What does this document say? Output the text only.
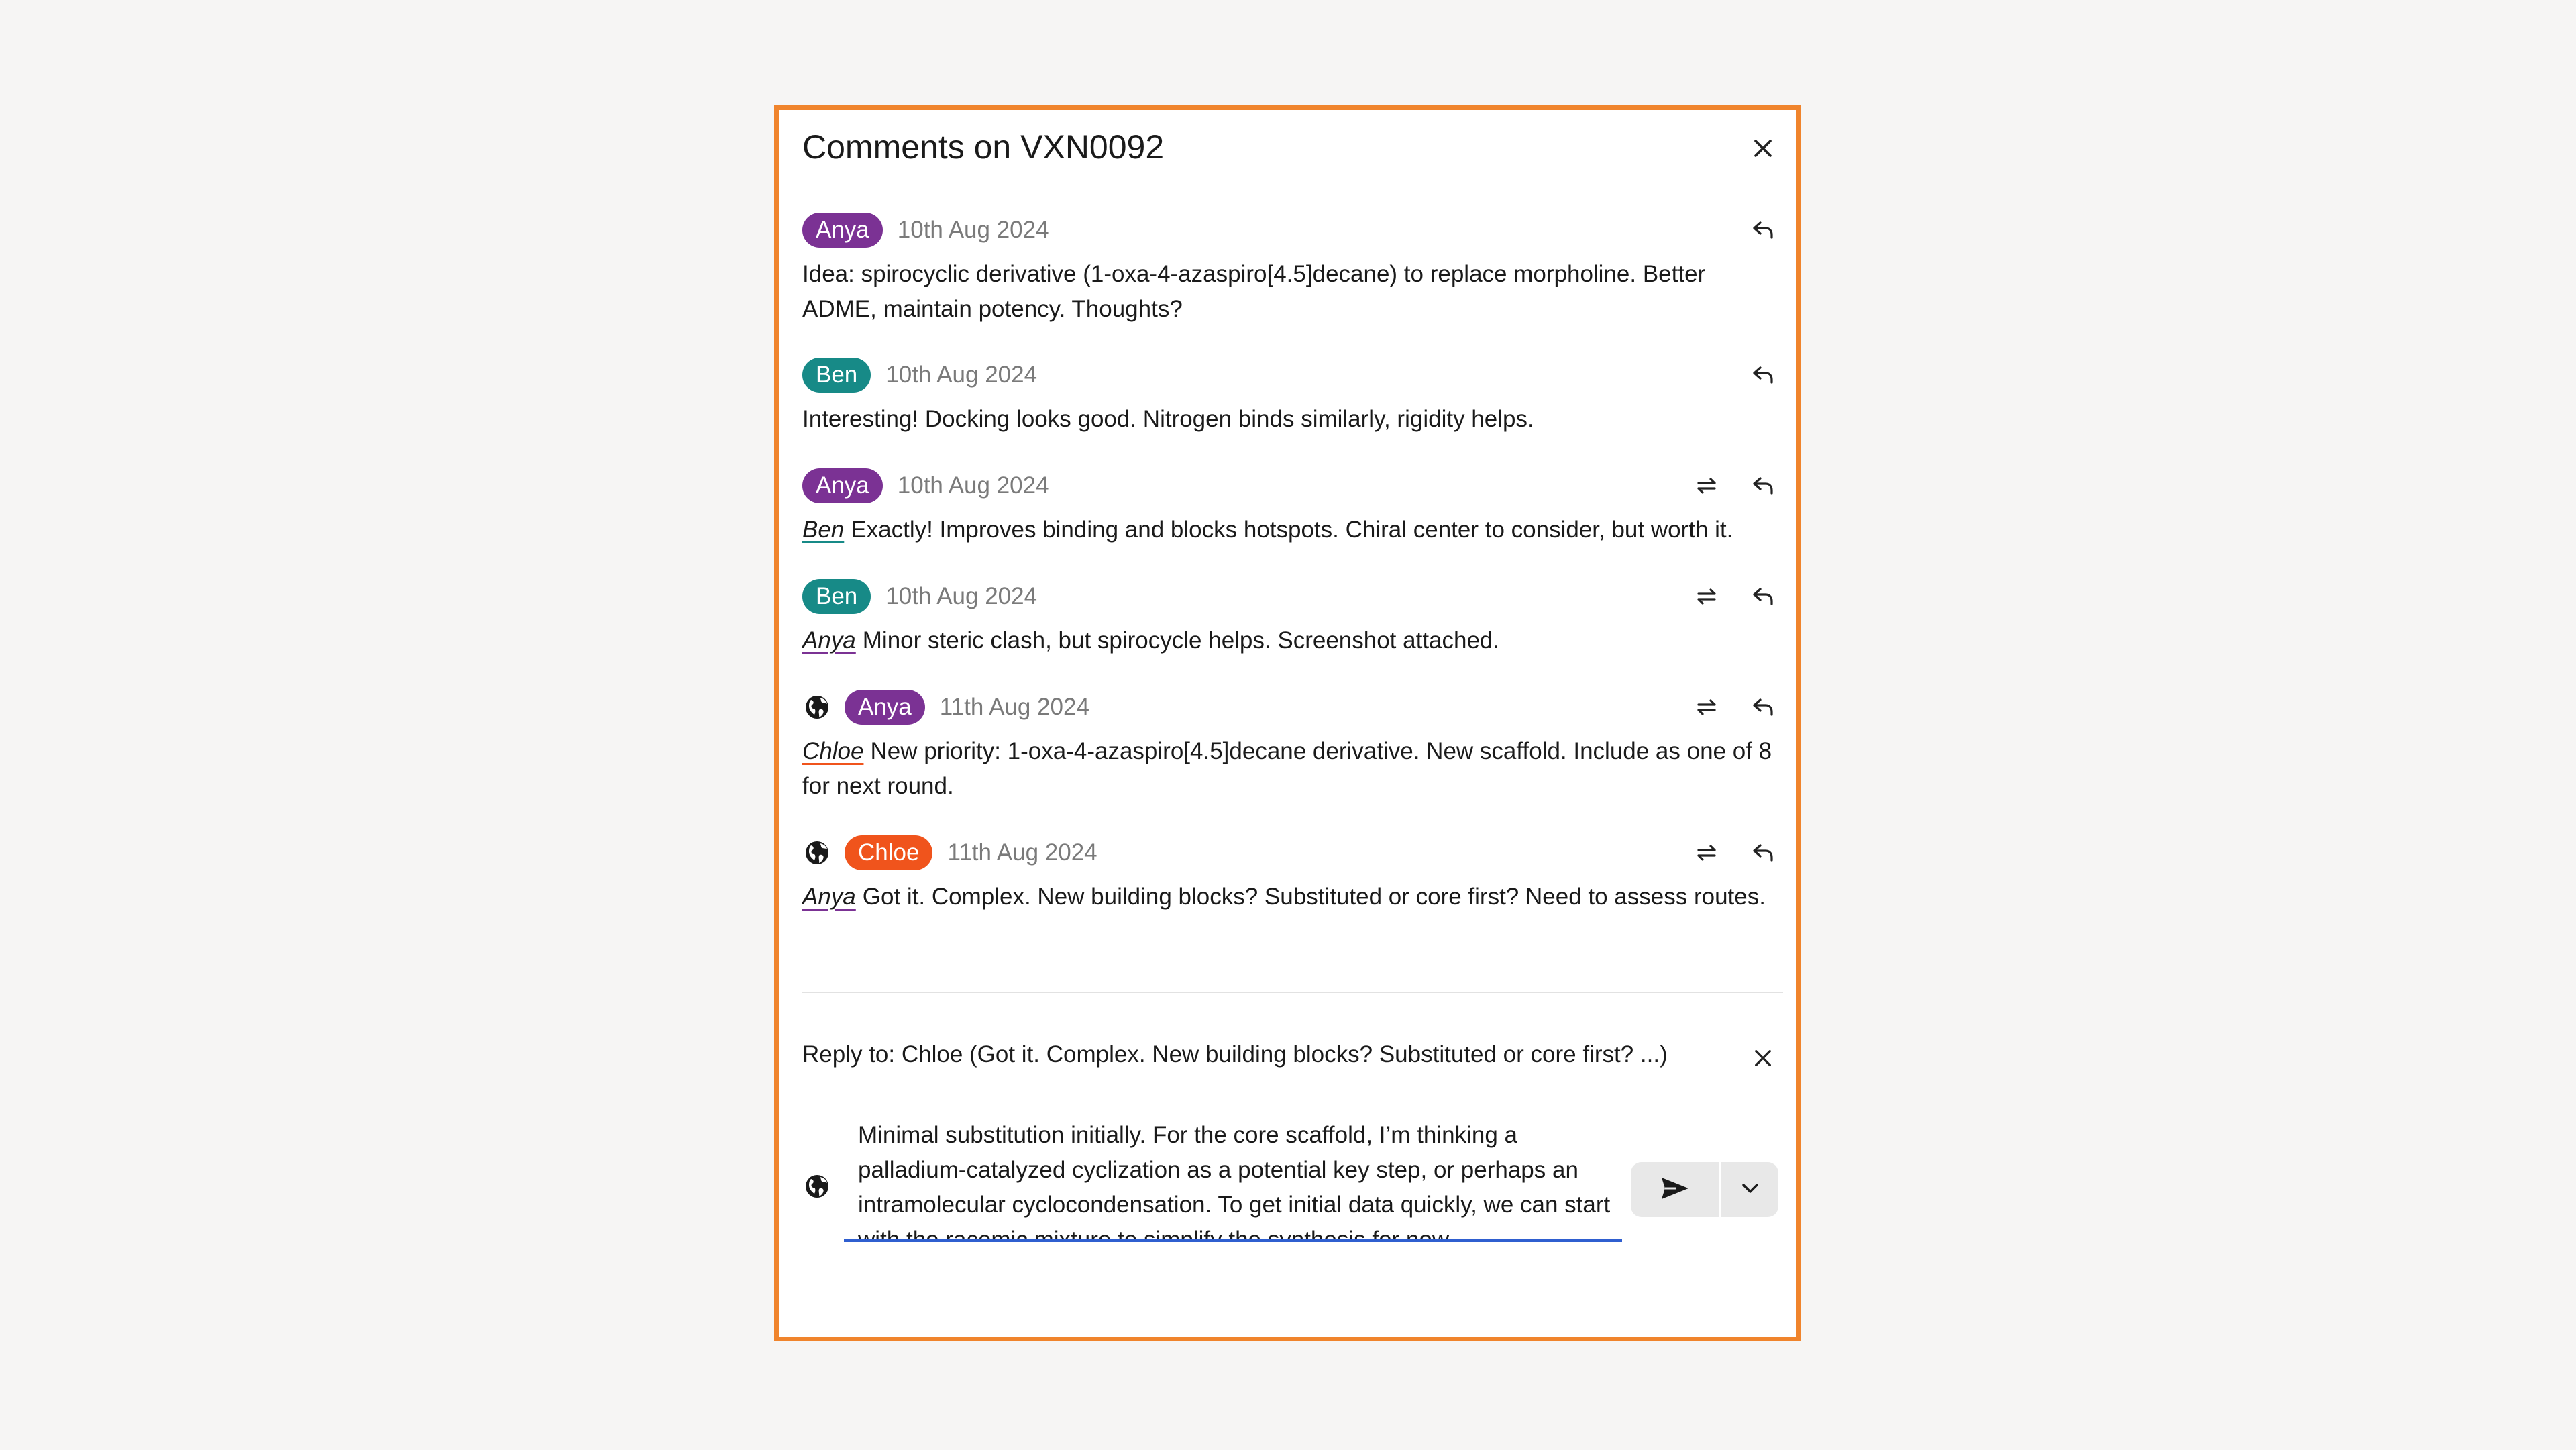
Comments on VXN0092
Anya	10th Aug 2024
Idea: spirocyclic derivative (1-oxa-4-azaspiro[4.5]decane) to replace morpholine. Better ADME, maintain potency. Thoughts?
Ben	10th Aug 2024
Interesting! Docking looks good. Nitrogen binds similarly, rigidity helps.
Anya	10th Aug 2024
Ben Exactly! Improves binding and blocks hotspots. Chiral center to consider, but worth it.
Ben	10th Aug 2024
Anya Minor steric clash, but spirocycle helps. Screenshot attached.
Anya	11th Aug 2024
Chloe New priority: 1-oxa-4-azaspiro[4.5]decane derivative. New scaffold. Include as one of 8 for next round.
Chloe	11th Aug 2024
Anya Got it. Complex. New building blocks? Substituted or core first? Need to assess routes.
Reply to: Chloe (Got it. Complex. New building blocks? Substituted or core first? ...)
Minimal substitution initially. For the core scaffold, I’m thinking a palladium-catalyzed cyclization as a potential key step, or perhaps an intramolecular cyclocondensation. To get initial data quickly, we can start with the racemic mixture to simplify the synthesis for now.
